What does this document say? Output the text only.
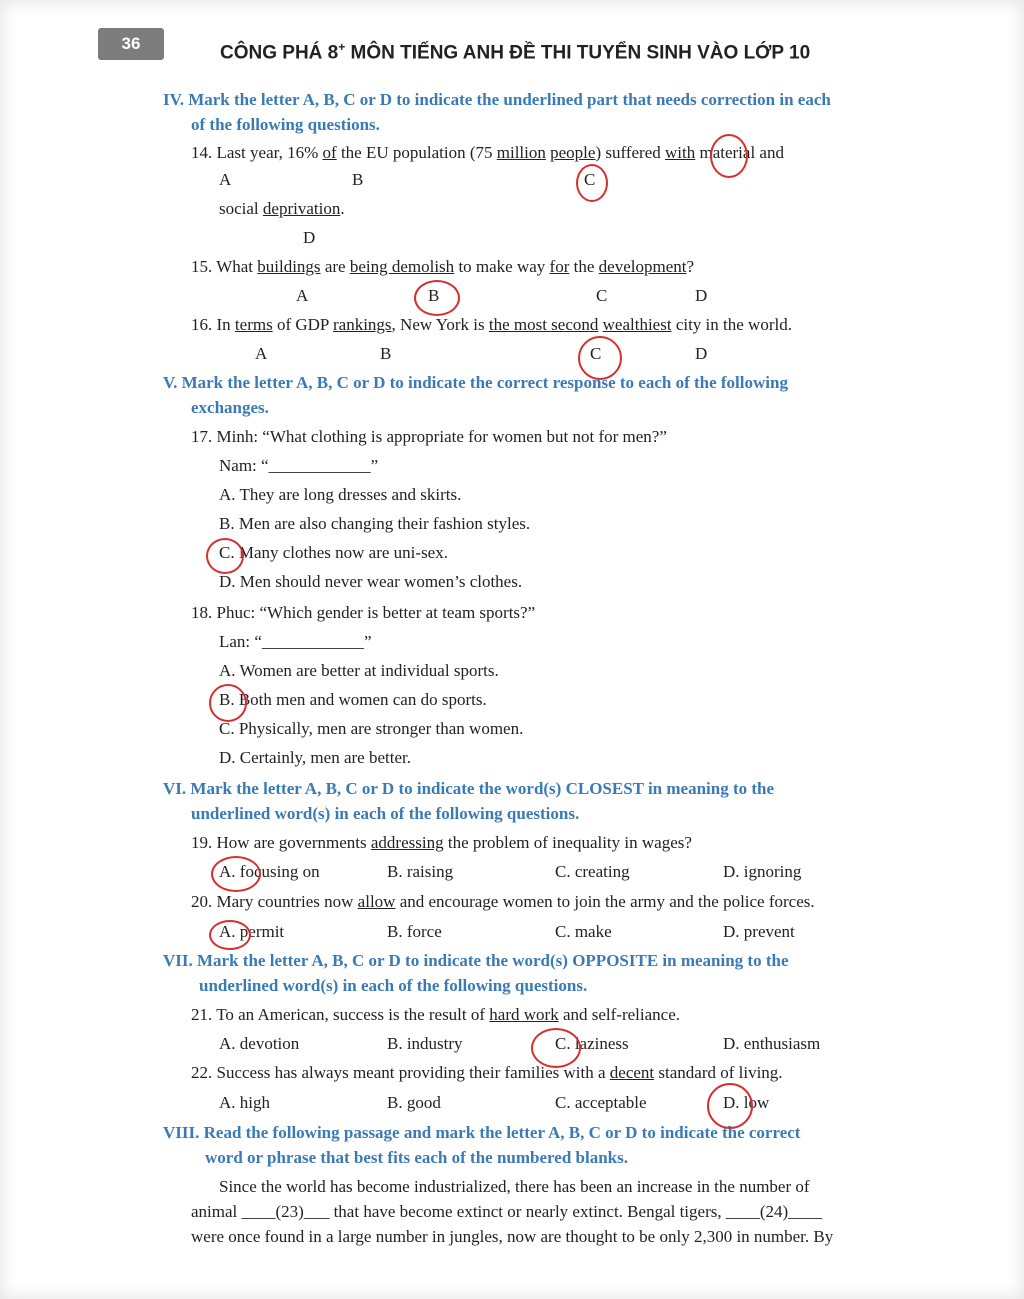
36	CÔNG PHÁ 8+ MÔN TIẾNG ANH ĐỀ THI TUYỂN SINH VÀO LỚP 10
IV. Mark the letter A, B, C or D to indicate the underlined part that needs correction in each
of the following questions.
14. Last year, 16% of the EU population (75 million people) suffered with material and
A	B	C
social deprivation.
D
15. What buildings are being demolish to make way for the development?
A	B	C	D
16. In terms of GDP rankings, New York is the most second wealthiest city in the world.
A	B	C	D
V. Mark the letter A, B, C or D to indicate the correct response to each of the following
exchanges.
17. Minh: “What clothing is appropriate for women but not for men?”
Nam: “____________”
A. They are long dresses and skirts.
B. Men are also changing their fashion styles.
C. Many clothes now are uni-sex.
D. Men should never wear women’s clothes.
18. Phuc: “Which gender is better at team sports?”
Lan: “____________”
A. Women are better at individual sports.
B. Both men and women can do sports.
C. Physically, men are stronger than women.
D. Certainly, men are better.
VI. Mark the letter A, B, C or D to indicate the word(s) CLOSEST in meaning to the
underlined word(s) in each of the following questions.
19. How are governments addressing the problem of inequality in wages?
A. focusing on	B. raising	C. creating	D. ignoring
20. Mary countries now allow and encourage women to join the army and the police forces.
A. permit	B. force	C. make	D. prevent
VII. Mark the letter A, B, C or D to indicate the word(s) OPPOSITE in meaning to the
underlined word(s) in each of the following questions.
21. To an American, success is the result of hard work and self-reliance.
A. devotion	B. industry	C. laziness	D. enthusiasm
22. Success has always meant providing their families with a decent standard of living.
A. high	B. good	C. acceptable	D. low
VIII. Read the following passage and mark the letter A, B, C or D to indicate the correct
word or phrase that best fits each of the numbered blanks.
Since the world has become industrialized, there has been an increase in the number of
animal ____(23)___ that have become extinct or nearly extinct. Bengal tigers, ____(24)____
were once found in a large number in jungles, now are thought to be only 2,300 in number. By
